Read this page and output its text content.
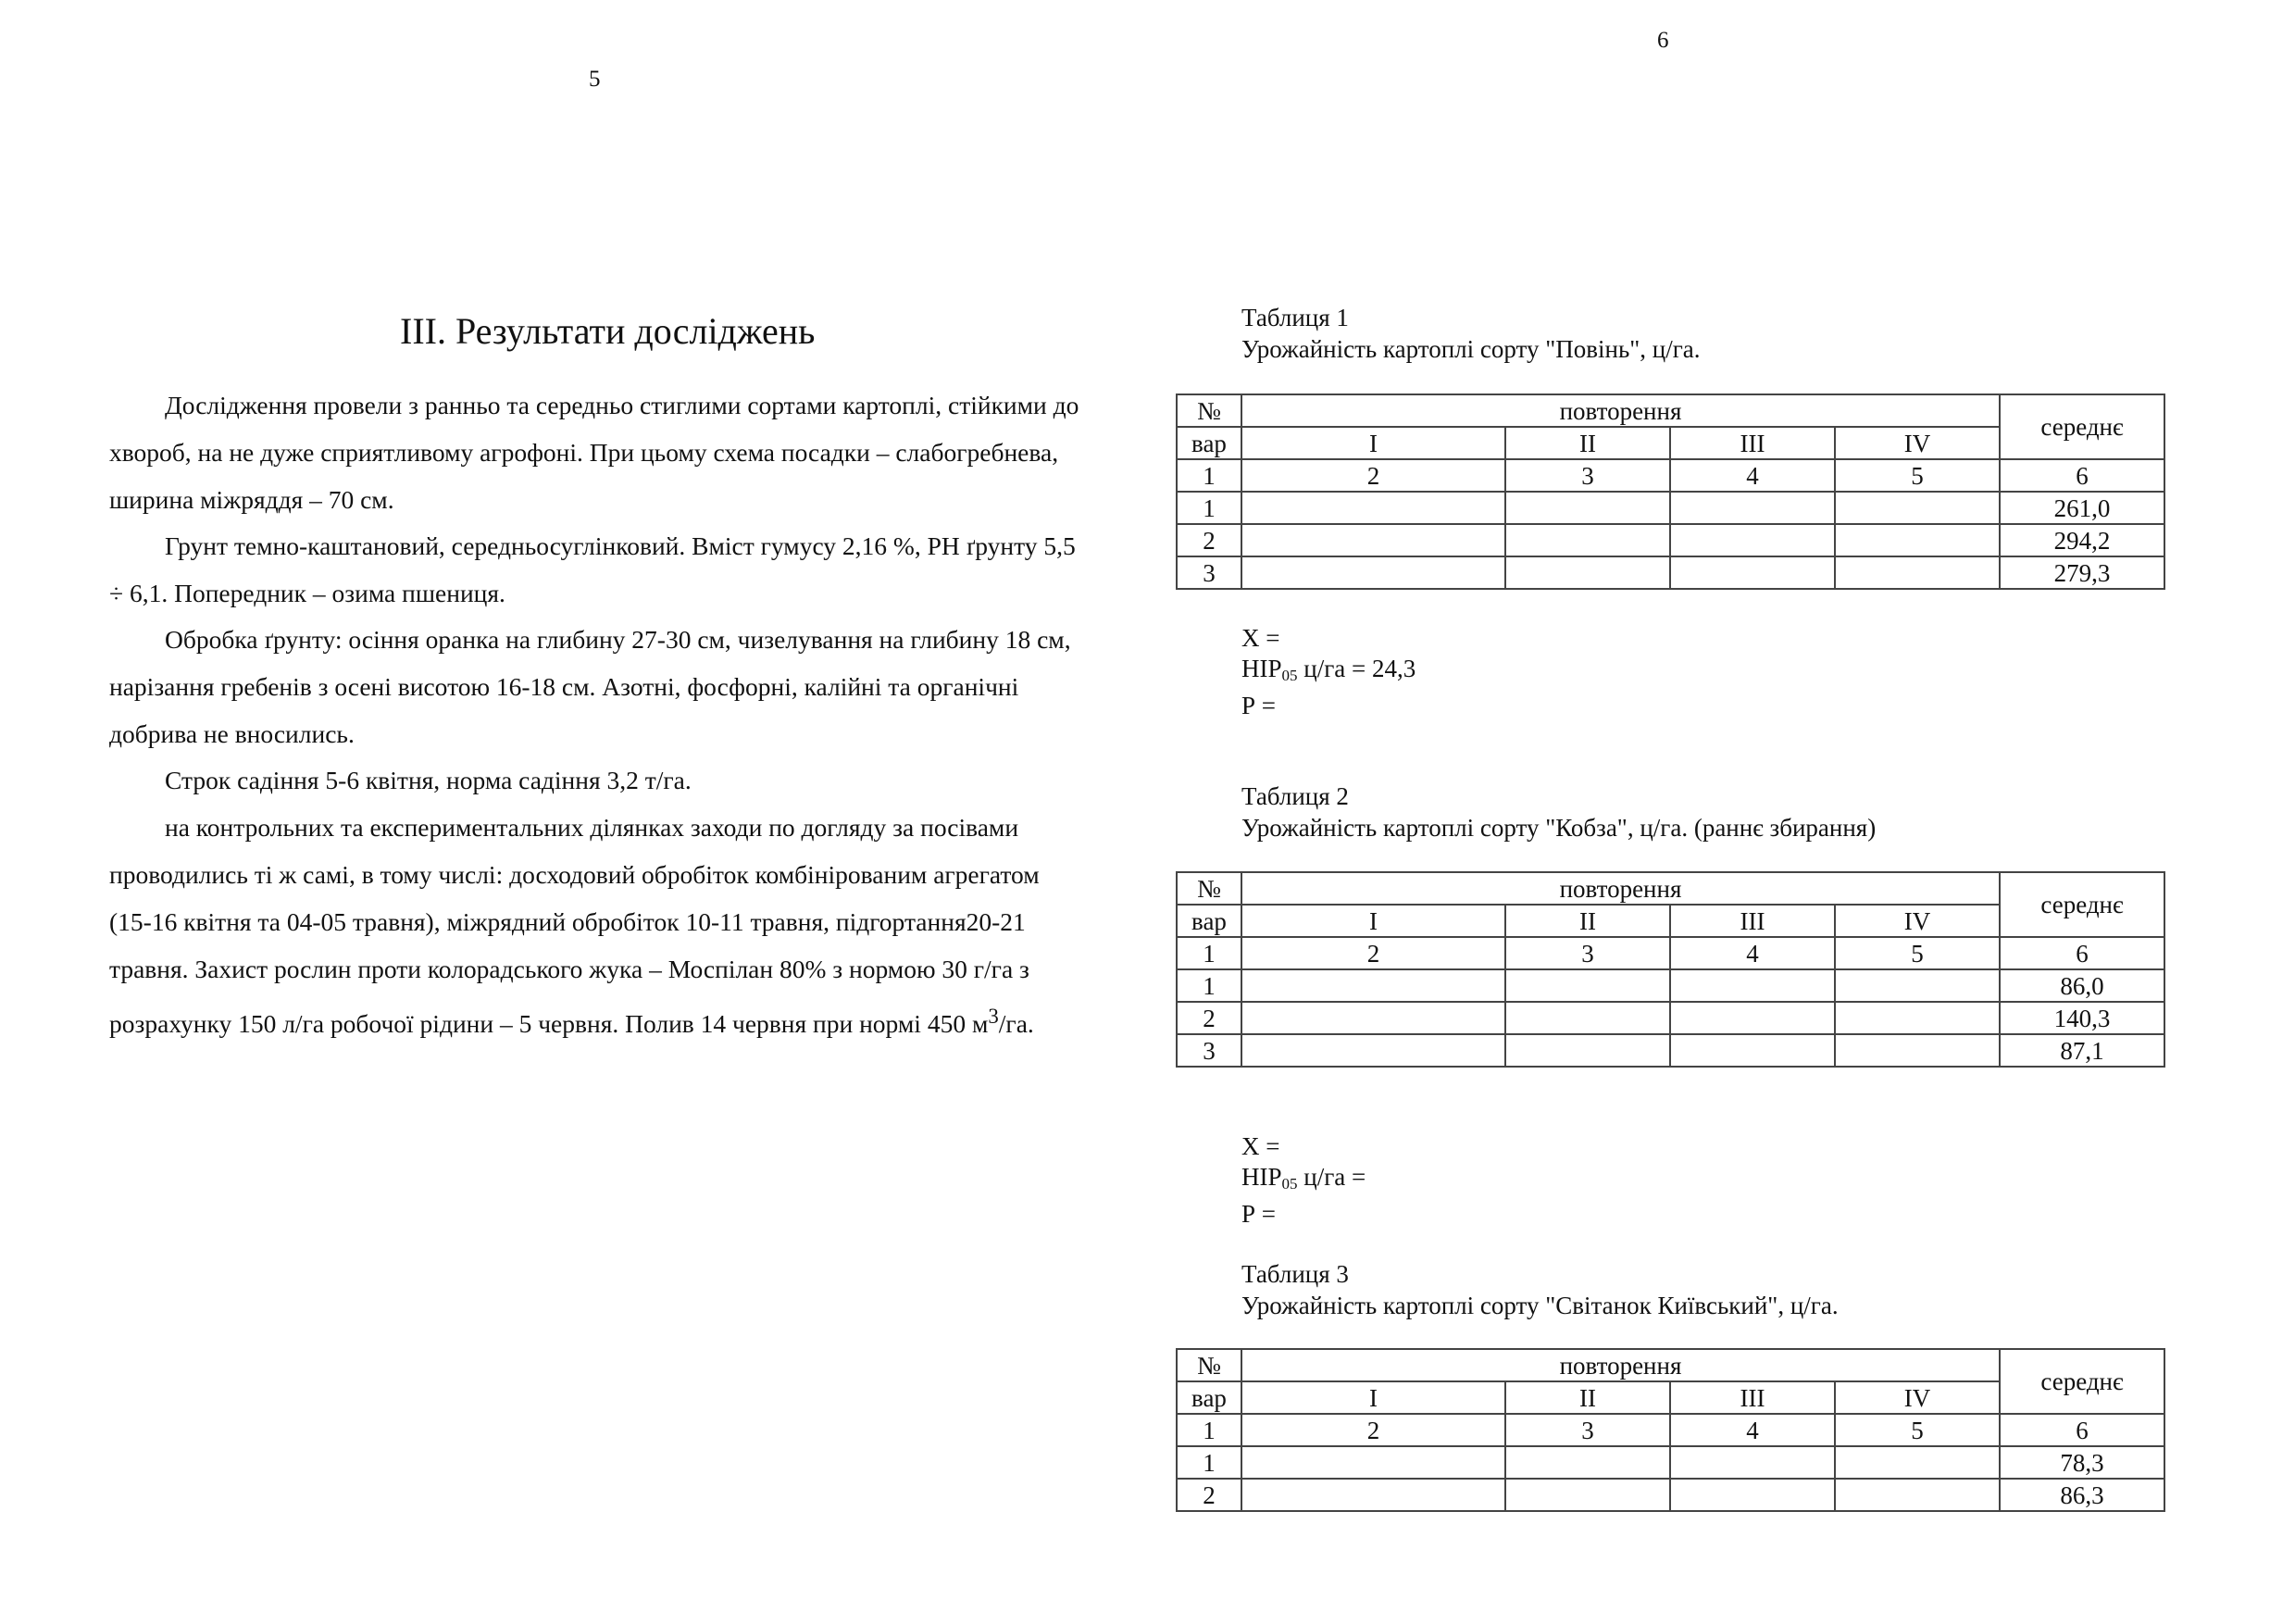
5
6
ІІІ. Результати досліджень

Дослідження провели з ранньо та середньо стиглими сортами картоплі, стійкими до хвороб, на не дуже сприятливому агрофоні. При цьому схема посадки – слабогребнева, ширина міжряддя – 70 см.

Грунт темно-каштановий, середньосуглінковий. Вміст гумусу 2,16 %, РН ґрунту 5,5 ÷ 6,1. Попередник – озима пшениця.

Обробка ґрунту: осіння оранка на глибину 27-30 см, чизелування на глибину 18 см, нарізання гребенів з осені висотою 16-18 см. Азотні, фосфорні, калійні та органічні добрива не вносились.

Строк садіння 5-6 квітня, норма садіння 3,2 т/га.

на контрольних та експериментальних ділянках заходи по догляду за посівами проводились ті ж самі, в тому числі: досходовий обробіток комбінірованим агрегатом (15-16 квітня та 04-05 травня), міжрядний обробіток 10-11 травня, підгортання20-21 травня. Захист рослин проти колорадського жука – Моспілан 80% з нормою 30 г/га з розрахунку 150 л/га робочої рідини – 5 червня. Полив 14 червня при нормі 450 $м^3/га$.

Таблиця 1
Урожайність картоплі сорту "Повінь", ц/га.
№	повторення				середнє
вар	I	II	III	IV	
1	2	3	4	5	6
1					261,0
2					294,2
3					279,3
Х =
$НІР_{05}$ ц/га = 24,3
Р =
Таблиця 2
Урожайність картоплі сорту "Кобза", ц/га. (раннє збирання)
№	повторення				середнє
вар	I	II	III	IV	
1	2	3	4	5	6
1					86,0
2					140,3
3					87,1
Х =
$НІР_{05}$ ц/га =
Р =
Таблиця 3
Урожайність картоплі сорту "Світанок Київський", ц/га.
№	повторення				середнє
вар	I	II	III	IV	
1	2	3	4	5	6
1					78,3
2					86,3
